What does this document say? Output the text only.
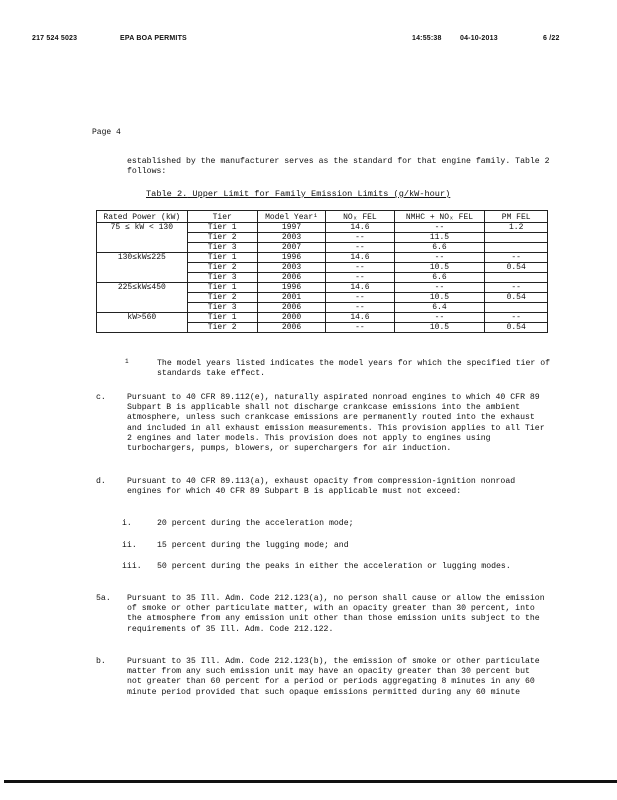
217 524 5023	EPA BOA PERMITS	14:55:38	04-10-2013	6 /22
Page 4
established by the manufacturer serves as the standard for that engine family. Table 2 follows:
Table 2. Upper Limit for Family Emission Limits (g/kW-hour)
Rated Power (kW)	Tier	Model Year¹	NOₓ FEL	NMHC + NOₓ FEL	PM FEL
75 ≤ kW < 130	Tier 1	1997	14.6	--	1.2
	Tier 2	2003	--	11.5	
	Tier 3	2007	--	6.6	
130≤kW≤225	Tier 1	1996	14.6	--	--
	Tier 2	2003	--	10.5	0.54
	Tier 3	2006	--	6.6	
225≤kW≤450	Tier 1	1996	14.6	--	--
	Tier 2	2001	--	10.5	0.54
	Tier 3	2006	--	6.4	
kW>560	Tier 1	2000	14.6	--	--
	Tier 2	2006	--	10.5	0.54
1	The model years listed indicates the model years for which the specified tier of standards take effect.
c.	Pursuant to 40 CFR 89.112(e), naturally aspirated nonroad engines to which 40 CFR 89 Subpart B is applicable shall not discharge crankcase emissions into the ambient atmosphere, unless such crankcase emissions are permanently routed into the exhaust and included in all exhaust emission measurements. This provision applies to all Tier 2 engines and later models. This provision does not apply to engines using turbochargers, pumps, blowers, or superchargers for air induction.
d.	Pursuant to 40 CFR 89.113(a), exhaust opacity from compression-ignition nonroad engines for which 40 CFR 89 Subpart B is applicable must not exceed:
i.	20 percent during the acceleration mode;
ii. 15 percent during the lugging mode; and
iii. 50 percent during the peaks in either the acceleration or lugging modes.
5a. Pursuant to 35 Ill. Adm. Code 212.123(a), no person shall cause or allow the emission of smoke or other particulate matter, with an opacity greater than 30 percent, into the atmosphere from any emission unit other than those emission units subject to the requirements of 35 Ill. Adm. Code 212.122.
b.	Pursuant to 35 Ill. Adm. Code 212.123(b), the emission of smoke or other particulate matter from any such emission unit may have an opacity greater than 30 percent but not greater than 60 percent for a period or periods aggregating 8 minutes in any 60 minute period provided that such opaque emissions permitted during any 60 minute
